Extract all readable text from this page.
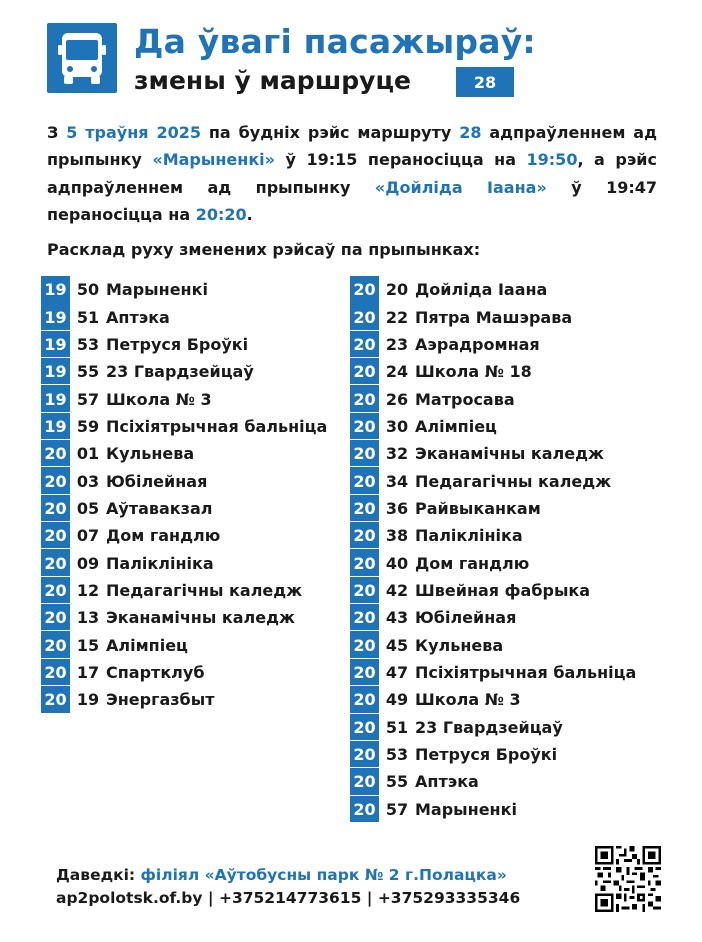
Да ўвагі пасажыраў:
змены ў маршруце	28
З 5 траўня 2025 па будніх рэйс маршруту 28 адпраўленнем ад прыпынку «Марыненкі» ў 19:15 пераносіцца на 19:50, а рэйс адпраўленнем ад прыпынку «Дойліда Іаана» ў 19:47 пераносіцца на 20:20.
Расклад руху зменених рэйсаў па прыпынках:
19 50 Марыненкі
19 51 Аптэка
19 53 Петруся Броўкі
19 55 23 Гвардзейцаў
19 57 Школа № 3
19 59 Псіхіятрычная бальніца
20 01 Кульнева
20 03 Юбілейная
20 05 Аўтавакзал
20 07 Дом гандлю
20 09 Паліклініка
20 12 Педагагічны каледж
20 13 Эканамічны каледж
20 15 Алімпіец
20 17 Спартклуб
20 19 Энергазбыт
20 20 Дойліда Іаана
20 22 Пятра Машэрава
20 23 Аэрадромная
20 24 Школа № 18
20 26 Матросава
20 30 Алімпіец
20 32 Эканамічны каледж
20 34 Педагагічны каледж
20 36 Райвыканкам
20 38 Паліклініка
20 40 Дом гандлю
20 42 Швейная фабрыка
20 43 Юбілейная
20 45 Кульнева
20 47 Псіхіятрычная бальніца
20 49 Школа № 3
20 51 23 Гвардзейцаў
20 53 Петруся Броўкі
20 55 Аптэка
20 57 Марыненкі
Даведкі: філіял «Аўтобусны парк № 2 г.Полацка»
ap2polotsk.of.by | +375214773615 | +375293335346
